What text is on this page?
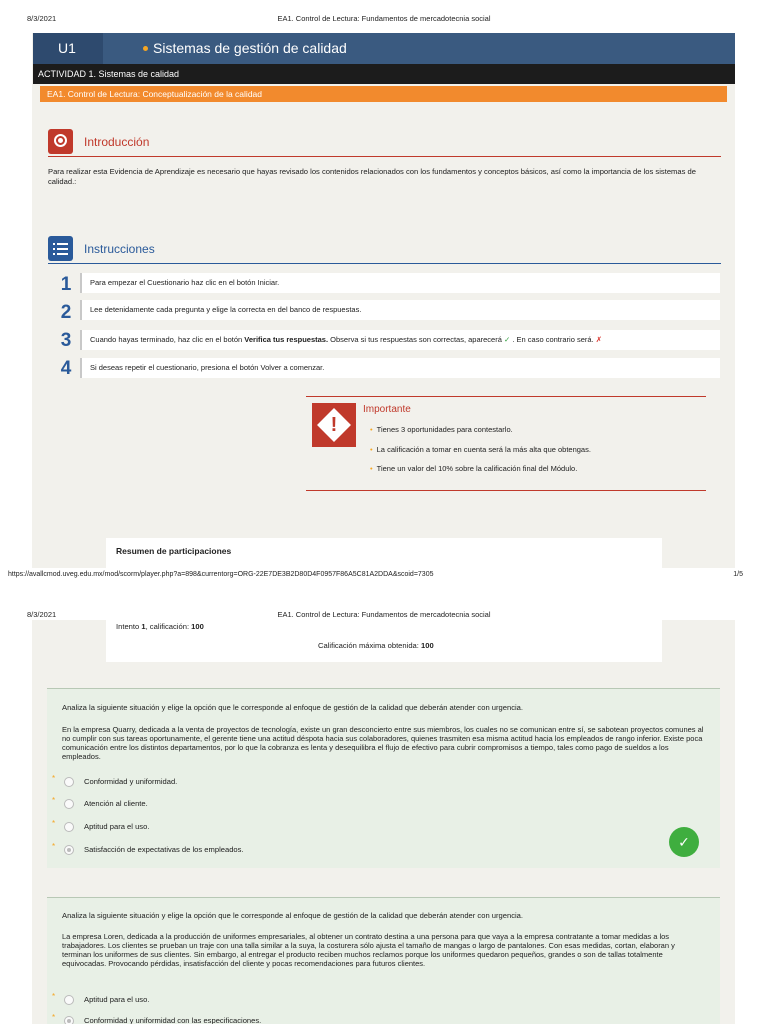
8/3/2021	EA1. Control de Lectura: Fundamentos de mercadotecnia social
U1	Sistemas de gestión de calidad
ACTIVIDAD 1. Sistemas de calidad
EA1. Control de Lectura: Conceptualización de la calidad
Introducción
Para realizar esta Evidencia de Aprendizaje es necesario que hayas revisado los contenidos relacionados con los fundamentos y conceptos básicos, así como la importancia de los sistemas de calidad.:
Instrucciones
1	Para empezar el Cuestionario haz clic en el botón Iniciar.
2	Lee detenidamente cada pregunta y elige la correcta en del banco de respuestas.
3	Cuando hayas terminado, haz clic en el botón Verifica tus respuestas. Observa si tus respuestas son correctas, aparecerá ✓ . En caso contrario será. ✗
4	Si deseas repetir el cuestionario, presiona el botón Volver a comenzar.
!
Importante
• Tienes 3 oportunidades para contestarlo.
• La calificación a tomar en cuenta será la más alta que obtengas.
• Tiene un valor del 10% sobre la calificación final del Módulo.
Resumen de participaciones
https://avallcmod.uveg.edu.mx/mod/scorm/player.php?a=898&currentorg=ORG-22E7DE3B2D80D4F0957F86A5C81A2DDA&scoid=7305	1/5
8/3/2021	EA1. Control de Lectura: Fundamentos de mercadotecnia social
Intento 1, calificación: 100
Calificación máxima obtenida: 100
Analiza la siguiente situación y elige la opción que le corresponde al enfoque de gestión de la calidad que deberán atender con urgencia.
En la empresa Quarry, dedicada a la venta de proyectos de tecnología, existe un gran desconcierto entre sus miembros, los cuales no se comunican entre sí, se sabotean proyectos comunes al no cumplir con sus tareas oportunamente, el gerente tiene una actitud déspota hacia sus colaboradores, quienes trasmiten esa misma actitud hacia los empleados de rango inferior. Existe poca comunicación entre los distintos departamentos, por lo que la cobranza es lenta y desequilibra el flujo de efectivo para cubrir compromisos a tiempo, tales como pago de sueldos a los empleados.
*	Conformidad y uniformidad.
*	Atención al cliente.
*	Aptitud para el uso.
*	Satisfacción de expectativas de los empleados.	✓
Analiza la siguiente situación y elige la opción que le corresponde al enfoque de gestión de la calidad que deberán atender con urgencia.
La empresa Loren, dedicada a la producción de uniformes empresariales, al obtener un contrato destina a una persona para que vaya a la empresa contratante a tomar medidas a los trabajadores. Los clientes se prueban un traje con una talla similar a la suya, la costurera sólo ajusta el tamaño de mangas o largo de pantalones. Con esas medidas, cortan, elaboran y terminan los uniformes de sus clientes. Sin embargo, al entregar el producto reciben muchos reclamos porque los uniformes quedaron pequeños, grandes o son de tallas totalmente equivocadas. Provocando pérdidas, insatisfacción del cliente y pocas recomendaciones para futuros clientes.
*	Aptitud para el uso.
*	Conformidad y uniformidad con las especificaciones.
